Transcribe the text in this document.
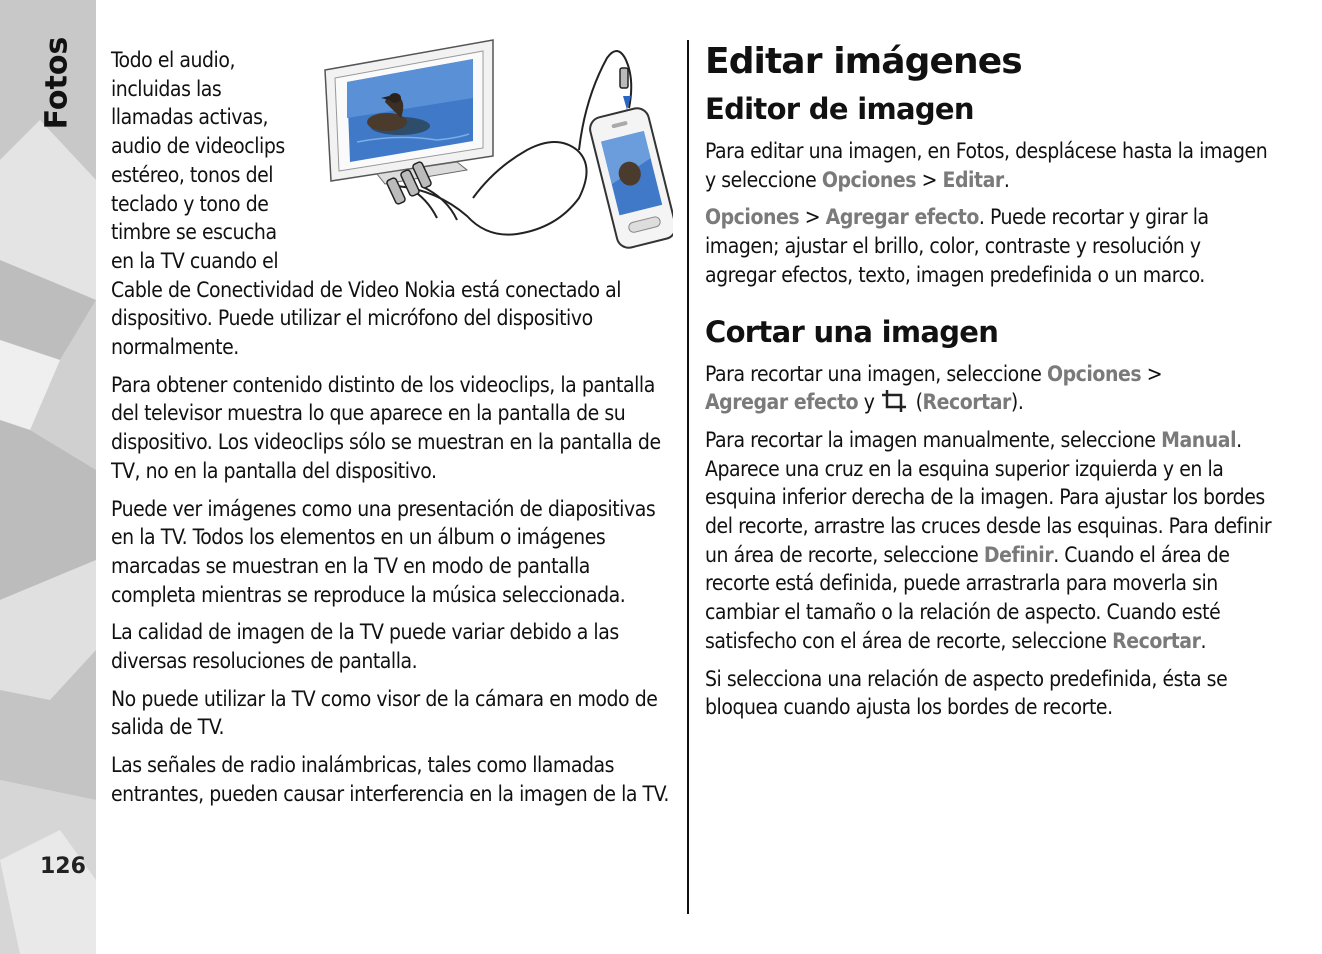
Fotos
126

Todo el audio,
incluidas las
llamadas activas,
audio de videoclips
estéreo, tonos del
teclado y tono de
timbre se escucha
en la TV cuando el

Cable de Conectividad de Video Nokia está conectado al dispositivo. Puede utilizar el micrófono del dispositivo normalmente.

Para obtener contenido distinto de los videoclips, la pantalla del televisor muestra lo que aparece en la pantalla de su dispositivo. Los videoclips sólo se muestran en la pantalla de TV, no en la pantalla del dispositivo.

Puede ver imágenes como una presentación de diapositivas en la TV. Todos los elementos en un álbum o imágenes marcadas se muestran en la TV en modo de pantalla completa mientras se reproduce la música seleccionada.

La calidad de imagen de la TV puede variar debido a las diversas resoluciones de pantalla.

No puede utilizar la TV como visor de la cámara en modo de salida de TV.

Las señales de radio inalámbricas, tales como llamadas entrantes, pueden causar interferencia en la imagen de la TV.

Editar imágenes
Editor de imagen

Para editar una imagen, en Fotos, desplácese hasta la imagen y seleccione Opciones > Editar.

Opciones > Agregar efecto. Puede recortar y girar la imagen; ajustar el brillo, color, contraste y resolución y agregar efectos, texto, imagen predefinida o un marco.

Cortar una imagen

Para recortar una imagen, seleccione Opciones >
Agregar efecto y  (Recortar).

Para recortar la imagen manualmente, seleccione Manual. Aparece una cruz en la esquina superior izquierda y en la esquina inferior derecha de la imagen. Para ajustar los bordes del recorte, arrastre las cruces desde las esquinas. Para definir un área de recorte, seleccione Definir. Cuando el área de recorte está definida, puede arrastrarla para moverla sin cambiar el tamaño o la relación de aspecto. Cuando esté satisfecho con el área de recorte, seleccione Recortar.

Si selecciona una relación de aspecto predefinida, ésta se bloquea cuando ajusta los bordes de recorte.
